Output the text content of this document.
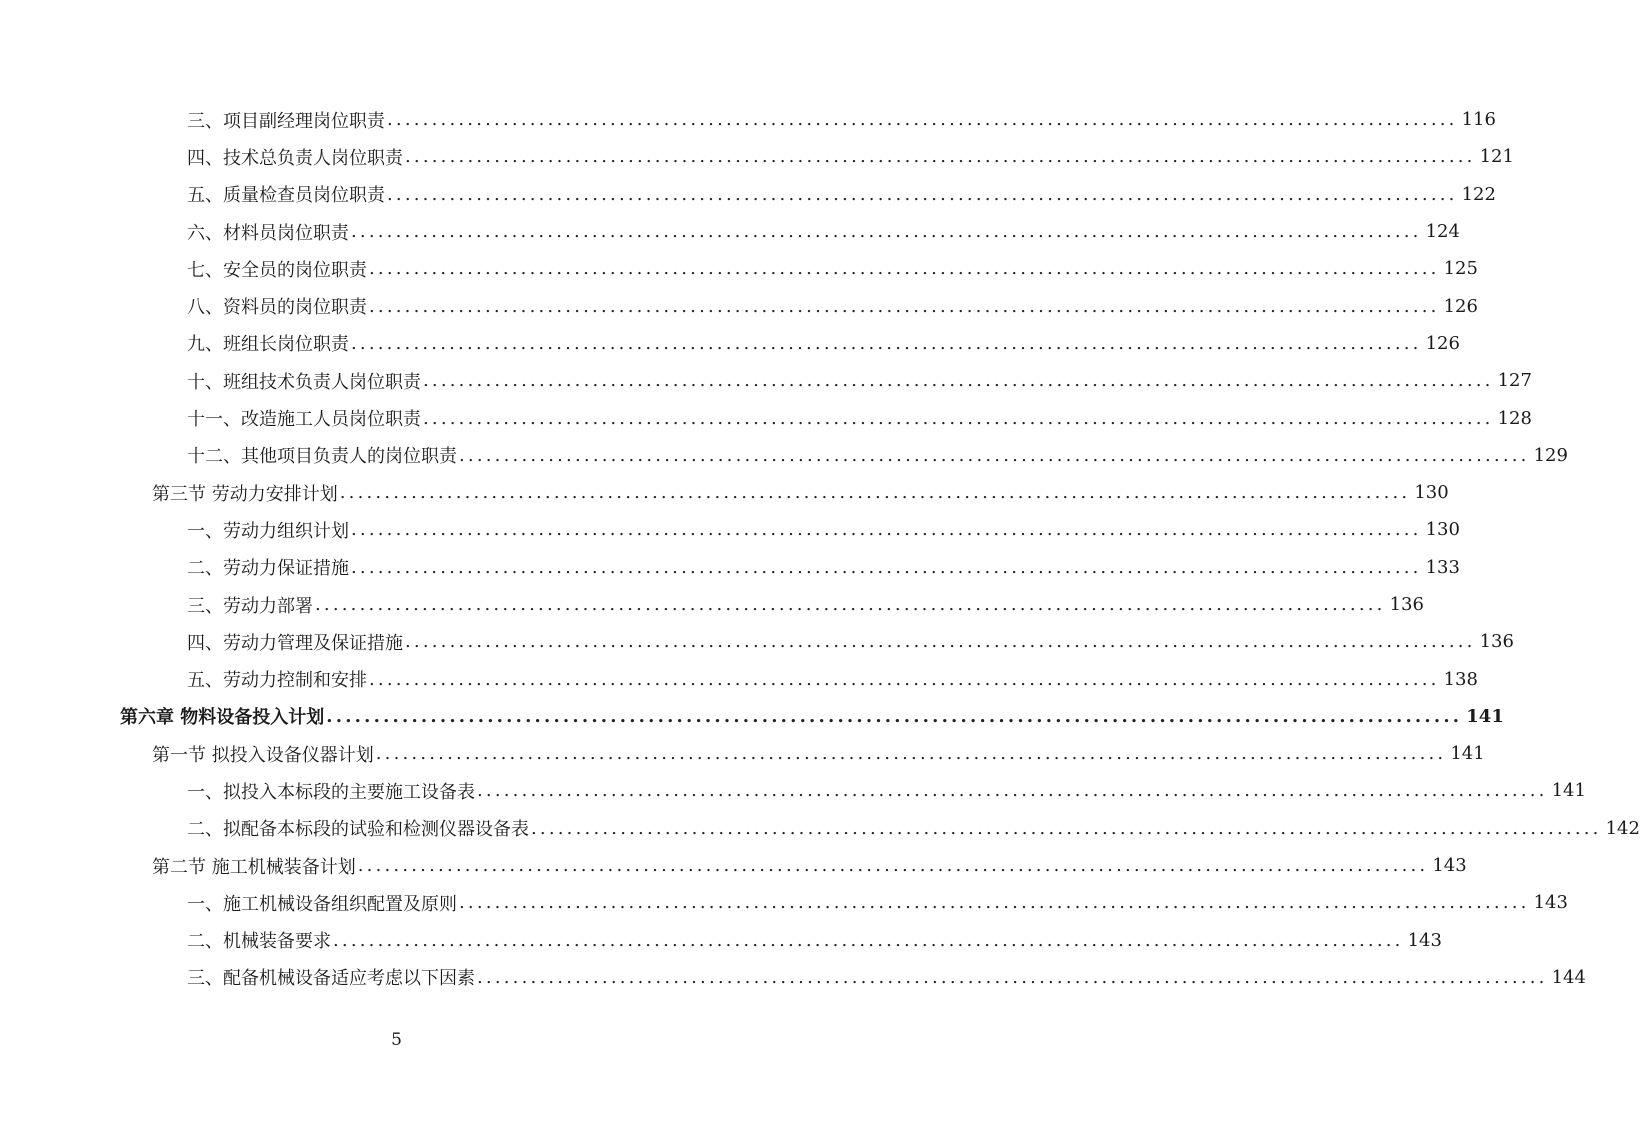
三、项目副经理岗位职责 ........................................................................................................................ 116
四、技术总负责人岗位职责 ........................................................................................................................ 121
五、质量检查员岗位职责 ........................................................................................................................ 122
六、材料员岗位职责 ........................................................................................................................ 124
七、安全员的岗位职责 ........................................................................................................................ 125
八、资料员的岗位职责 ........................................................................................................................ 126
九、班组长岗位职责 ........................................................................................................................ 126
十、班组技术负责人岗位职责 ........................................................................................................................ 127
十一、改造施工人员岗位职责 ........................................................................................................................ 128
十二、其他项目负责人的岗位职责 ........................................................................................................................ 129
第三节 劳动力安排计划 ........................................................................................................................ 130
一、劳动力组织计划 ........................................................................................................................ 130
二、劳动力保证措施 ........................................................................................................................ 133
三、劳动力部署 ........................................................................................................................ 136
四、劳动力管理及保证措施 ........................................................................................................................ 136
五、劳动力控制和安排 ........................................................................................................................ 138
第六章 物料设备投入计划 ........................................................................................................................ 141
第一节 拟投入设备仪器计划 ........................................................................................................................ 141
一、拟投入本标段的主要施工设备表 ........................................................................................................................ 141
二、拟配备本标段的试验和检测仪器设备表 ........................................................................................................................ 142
第二节 施工机械装备计划 ........................................................................................................................ 143
一、施工机械设备组织配置及原则 ........................................................................................................................ 143
二、机械装备要求 ........................................................................................................................ 143
三、配备机械设备适应考虑以下因素 ........................................................................................................................ 144
5
